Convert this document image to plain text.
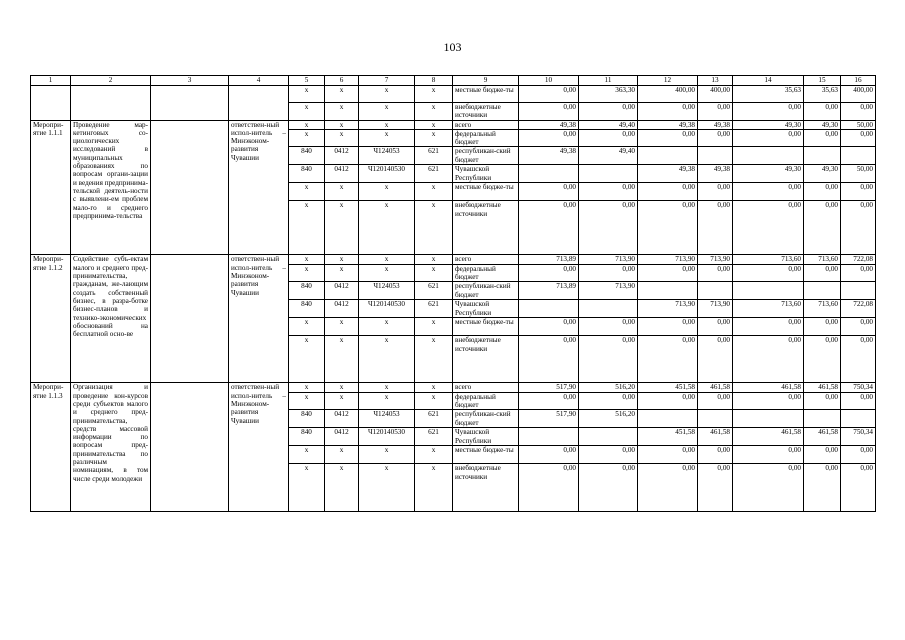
103
1	2	3	4	5	6	7	8	9	10	11	12	13	14	15	16
				x	x	x	x	местные бюдже-ты	0,00	363,30	400,00	400,00	35,63	35,63	400,00
				x	x	x	x	внебюджетные источники	0,00	0,00	0,00	0,00	0,00	0,00	0,00
Меропри-ятие 1.1.1	Проведение мар-кетинговых со-циологических исследований в муниципальных образованиях по вопросам органи-зации и ведения предпринима-тельской деятель-ности с выявлени-ем проблем мало-го и среднего предпринима-тельства		ответствен-ный испол-нитель – Минэконом-развития Чувашии	x	x	x	x	всего	49,38	49,40	49,38	49,38	49,30	49,30	50,00
				x	x	x	x	федеральный бюджет	0,00	0,00	0,00	0,00	0,00	0,00	0,00
				840	0412	Ч124053	621	республикан-ский бюджет	49,38	49,40					
				840	0412	Ч120140530	621	Чувашской Республики			49,38	49,38	49,30	49,30	50,00
				x	x	x	x	местные бюдже-ты	0,00	0,00	0,00	0,00	0,00	0,00	0,00
				x	x	x	x	внебюджетные источники	0,00	0,00	0,00	0,00	0,00	0,00	0,00
Меропри-ятие 1.1.2	Содействие субъ-ектам малого и среднего пред-принимательства, гражданам, же-лающим создать собственный бизнес, в разра-ботке бизнес-планов и технико-экономических обоснований на бесплатной осно-ве		ответствен-ный испол-нитель – Минэконом-развития Чувашии	x	x	x	x	всего	713,89	713,90	713,90	713,90	713,60	713,60	722,08
				x	x	x	x	федеральный бюджет	0,00	0,00	0,00	0,00	0,00	0,00	0,00
				840	0412	Ч124053	621	республикан-ский бюджет	713,89	713,90					
				840	0412	Ч120140530	621	Чувашской Республики			713,90	713,90	713,60	713,60	722,08
				x	x	x	x	местные бюдже-ты	0,00	0,00	0,00	0,00	0,00	0,00	0,00
				x	x	x	x	внебюджетные источники	0,00	0,00	0,00	0,00	0,00	0,00	0,00
Меропри-ятие 1.1.3	Организация и проведение кон-курсов среди субъектов малого и среднего пред-принимательства, средств массовой информации по вопросам пред-принимательства по различным номинациям, в том числе среди молодежи		ответствен-ный испол-нитель – Минэконом-развития Чувашии	x	x	x	x	всего	517,90	516,20	451,58	461,58	461,58	461,58	750,34
				x	x	x	x	федеральный бюджет	0,00	0,00	0,00	0,00	0,00	0,00	0,00
				840	0412	Ч124053	621	республикан-ский бюджет	517,90	516,20					
				840	0412	Ч120140530	621	Чувашской Республики			451,58	461,58	461,58	461,58	750,34
				x	x	x	x	местные бюдже-ты	0,00	0,00	0,00	0,00	0,00	0,00	0,00
				x	x	x	x	внебюджетные источники	0,00	0,00	0,00	0,00	0,00	0,00	0,00
